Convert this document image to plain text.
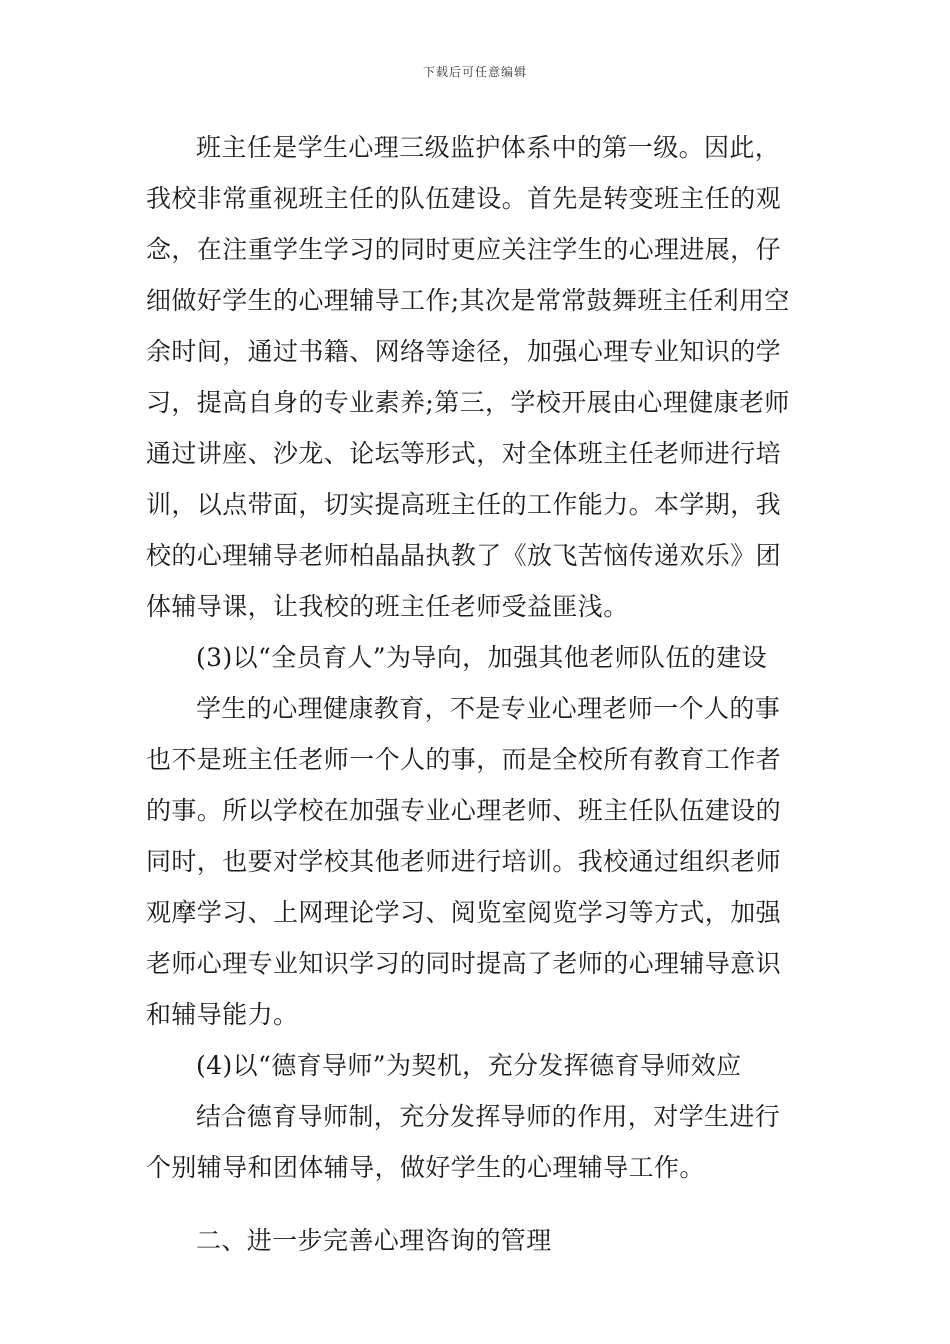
下载后可任意编辑
班主任是学生心理三级监护体系中的第一级。因此，
我校非常重视班主任的队伍建设。首先是转变班主任的观
念，在注重学生学习的同时更应关注学生的心理进展，仔
细做好学生的心理辅导工作;其次是常常鼓舞班主任利用空
余时间，通过书籍、网络等途径，加强心理专业知识的学
习，提高自身的专业素养;第三，学校开展由心理健康老师
通过讲座、沙龙、论坛等形式，对全体班主任老师进行培
训，以点带面，切实提高班主任的工作能力。本学期，我
校的心理辅导老师柏晶晶执教了《放飞苦恼传递欢乐》团
体辅导课，让我校的班主任老师受益匪浅。
(3)以“全员育人”为导向，加强其他老师队伍的建设
学生的心理健康教育，不是专业心理老师一个人的事
也不是班主任老师一个人的事，而是全校所有教育工作者
的事。所以学校在加强专业心理老师、班主任队伍建设的
同时，也要对学校其他老师进行培训。我校通过组织老师
观摩学习、上网理论学习、阅览室阅览学习等方式，加强
老师心理专业知识学习的同时提高了老师的心理辅导意识
和辅导能力。
(4)以“德育导师”为契机，充分发挥德育导师效应
结合德育导师制，充分发挥导师的作用，对学生进行
个别辅导和团体辅导，做好学生的心理辅导工作。
二、进一步完善心理咨询的管理
